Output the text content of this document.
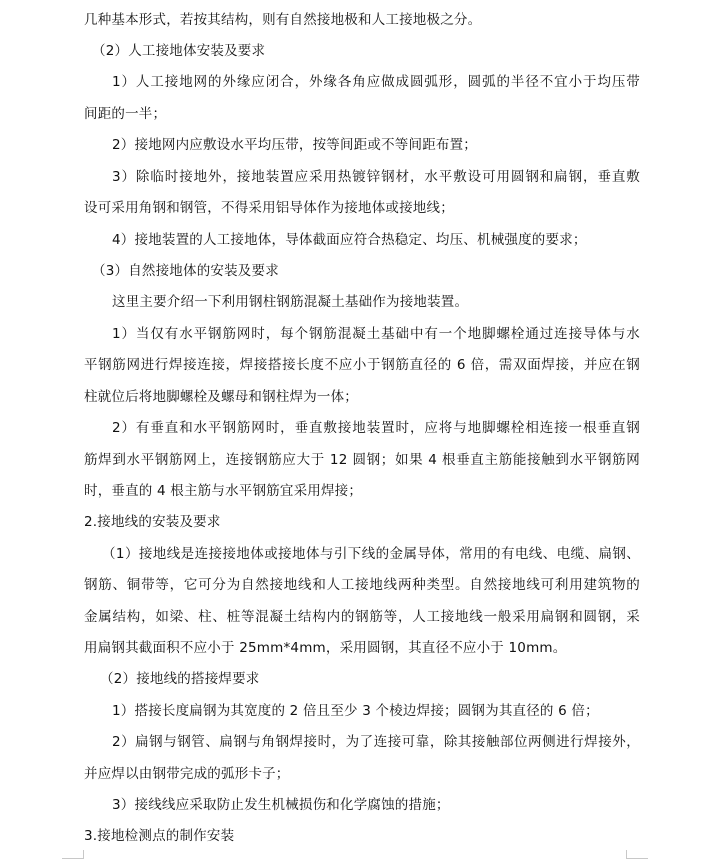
几种基本形式，若按其结构，则有自然接地极和人工接地极之分。
（2）人工接地体安装及要求
1）人工接地网的外缘应闭合，外缘各角应做成圆弧形，圆弧的半径不宜小于均压带
间距的一半；
2）接地网内应敷设水平均压带，按等间距或不等间距布置；
3）除临时接地外，接地装置应采用热镀锌钢材，水平敷设可用圆钢和扁钢，垂直敷
设可采用角钢和钢管，不得采用铝导体作为接地体或接地线；
4）接地装置的人工接地体，导体截面应符合热稳定、均压、机械强度的要求；
（3）自然接地体的安装及要求
这里主要介绍一下利用钢柱钢筋混凝土基础作为接地装置。
1）当仅有水平钢筋网时，每个钢筋混凝土基础中有一个地脚螺栓通过连接导体与水
平钢筋网进行焊接连接，焊接搭接长度不应小于钢筋直径的 6 倍，需双面焊接，并应在钢
柱就位后将地脚螺栓及螺母和钢柱焊为一体；
2）有垂直和水平钢筋网时，垂直敷接地装置时，应将与地脚螺栓相连接一根垂直钢
筋焊到水平钢筋网上，连接钢筋应大于 12 圆钢；如果 4 根垂直主筋能接触到水平钢筋网
时，垂直的 4 根主筋与水平钢筋宜采用焊接；
2.接地线的安装及要求
（1）接地线是连接接地体或接地体与引下线的金属导体，常用的有电线、电缆、扁钢、
钢筋、铜带等，它可分为自然接地线和人工接地线两种类型。自然接地线可利用建筑物的
金属结构，如梁、柱、桩等混凝土结构内的钢筋等，人工接地线一般采用扁钢和圆钢，采
用扁钢其截面积不应小于 25mm*4mm，采用圆钢，其直径不应小于 10mm。
（2）接地线的搭接焊要求
1）搭接长度扁钢为其宽度的 2 倍且至少 3 个棱边焊接；圆钢为其直径的 6 倍；
2）扁钢与钢管、扁钢与角钢焊接时，为了连接可靠，除其接触部位两侧进行焊接外，
并应焊以由钢带完成的弧形卡子；
3）接线线应采取防止发生机械损伤和化学腐蚀的措施；
3.接地检测点的制作安装
